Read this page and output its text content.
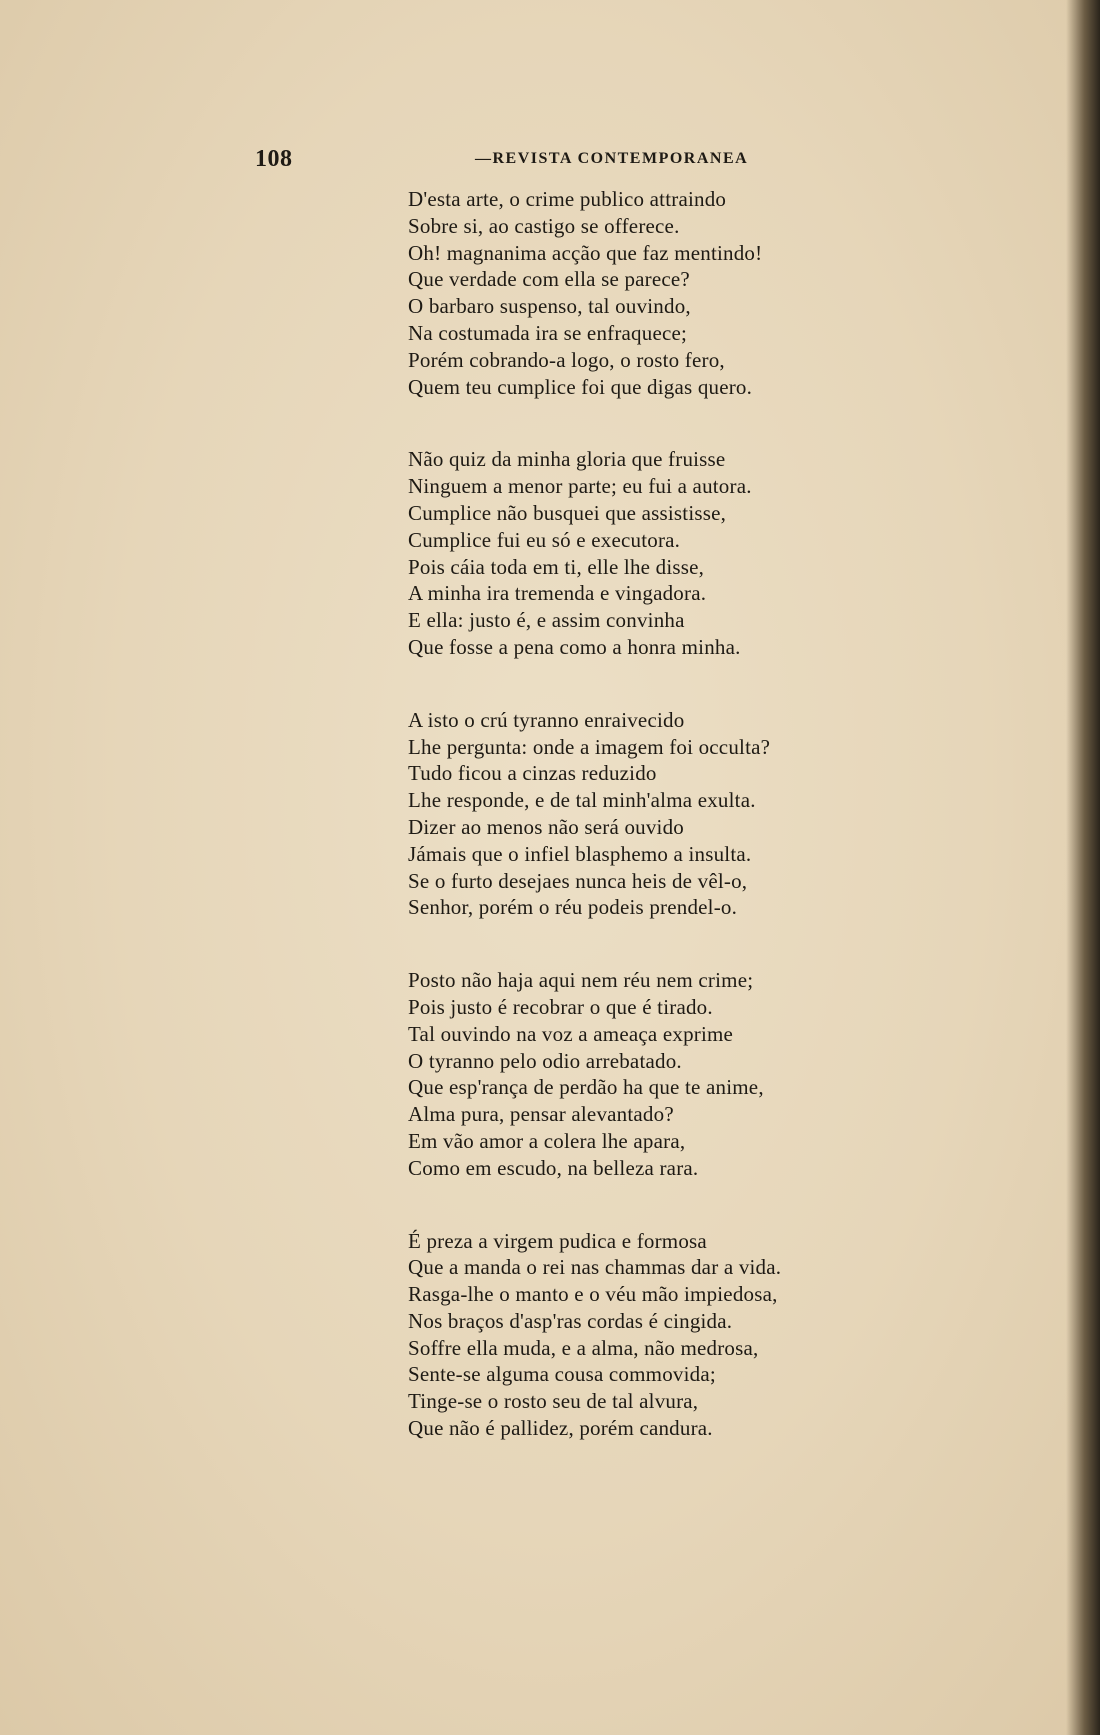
108	—REVISTA CONTEMPORANEA
D'esta arte, o crime publico attraindo
Sobre si, ao castigo se offerece.
Oh! magnanima acção que faz mentindo!
Que verdade com ella se parece?
O barbaro suspenso, tal ouvindo,
Na costumada ira se enfraquece;
Porém cobrando-a logo, o rosto fero,
Quem teu cumplice foi que digas quero.
Não quiz da minha gloria que fruisse
Ninguem a menor parte; eu fui a autora.
Cumplice não busquei que assistisse,
Cumplice fui eu só e executora.
Pois cáia toda em ti, elle lhe disse,
A minha ira tremenda e vingadora.
E ella: justo é, e assim convinha
Que fosse a pena como a honra minha.
A isto o crú tyranno enraivecido
Lhe pergunta: onde a imagem foi occulta?
Tudo ficou a cinzas reduzido
Lhe responde, e de tal minh'alma exulta.
Dizer ao menos não será ouvido
Jámais que o infiel blasphemo a insulta.
Se o furto desejaes nunca heis de vêl-o,
Senhor, porém o réu podeis prendel-o.
Posto não haja aqui nem réu nem crime;
Pois justo é recobrar o que é tirado.
Tal ouvindo na voz a ameaça exprime
O tyranno pelo odio arrebatado.
Que esp'rança de perdão ha que te anime,
Alma pura, pensar alevantado?
Em vão amor a colera lhe apara,
Como em escudo, na belleza rara.
É preza a virgem pudica e formosa
Que a manda o rei nas chammas dar a vida.
Rasga-lhe o manto e o véu mão impiedosa,
Nos braços d'asp'ras cordas é cingida.
Soffre ella muda, e a alma, não medrosa,
Sente-se alguma cousa commovida;
Tinge-se o rosto seu de tal alvura,
Que não é pallidez, porém candura.
